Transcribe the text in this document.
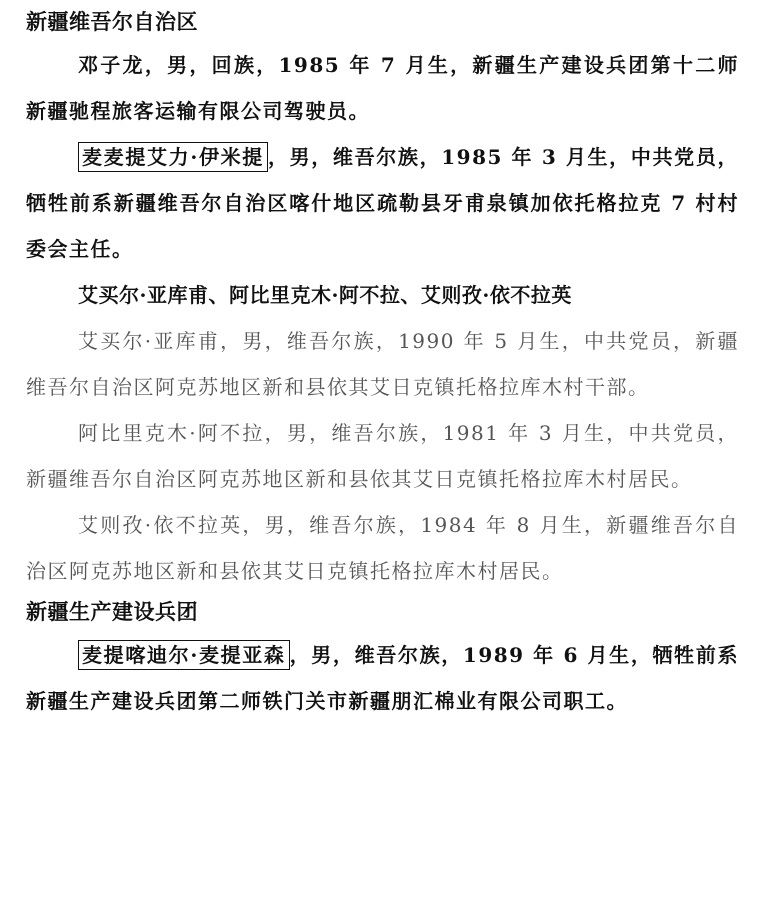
新疆维吾尔自治区

邓子龙，男，回族，1985 年 7 月生，新疆生产建设兵团第十二师新疆驰程旅客运输有限公司驾驶员。

麦麦提艾力·伊米提 ，男，维吾尔族，1985 年 3 月生，中共党员，牺牲前系新疆维吾尔自治区喀什地区疏勒县牙甫泉镇加依托格拉克 7 村村委会主任。

艾买尔·亚库甫、阿比里克木·阿不拉、艾则孜·依不拉英

艾买尔·亚库甫，男，维吾尔族，1990 年 5 月生，中共党员，新疆维吾尔自治区阿克苏地区新和县依其艾日克镇托格拉库木村干部。

阿比里克木·阿不拉，男，维吾尔族，1981 年 3 月生，中共党员，新疆维吾尔自治区阿克苏地区新和县依其艾日克镇托格拉库木村居民。

艾则孜·依不拉英，男，维吾尔族，1984 年 8 月生，新疆维吾尔自治区阿克苏地区新和县依其艾日克镇托格拉库木村居民。

新疆生产建设兵团

麦提喀迪尔·麦提亚森 ，男，维吾尔族，1989 年 6 月生，牺牲前系新疆生产建设兵团第二师铁门关市新疆朋汇棉业有限公司职工。
